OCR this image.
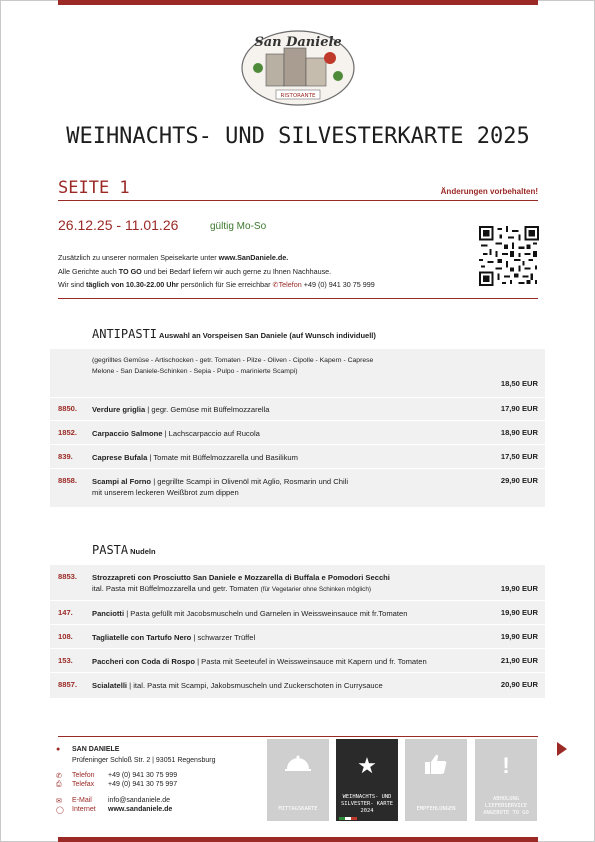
San Daniele
RISTORANTE
WEIHNACHTS- UND SILVESTERKARTE 2025
SEITE 1	Änderungen vorbehalten!
26.12.25 - 11.01.26	gültig Mo-So
Zusätzlich zu unserer normalen Speisekarte unter www.SanDaniele.de.
Alle Gerichte auch TO GO und bei Bedarf liefern wir auch gerne zu Ihnen Nachhause.
Wir sind täglich von 10.30-22.00 Uhr persönlich für Sie erreichbar ✆Telefon +49 (0) 941 30 75 999
ANTIPASTI Auswahl an Vorspeisen San Daniele (auf Wunsch individuell)
(gegrilltes Gemüse - Artischocken - getr. Tomaten - Pilze - Oliven - Cipolle - Kapern - Caprese
Melone - San Daniele-Schinken - Sepia - Pulpo - marinierte Scampi)
18,50 EUR
8850. Verdure griglia | gegr. Gemüse mit Büffelmozzarella	17,90 EUR
1852. Carpaccio Salmone | Lachscarpaccio auf Rucola	18,90 EUR
839.	Caprese Bufala | Tomate mit Büffelmozzarella und Basilikum	17,50 EUR
8858. Scampi al Forno | gegrillte Scampi in Olivenöl mit Aglio, Rosmarin und Chili
mit unserem leckeren Weißbrot zum dippen
29,90 EUR
PASTA Nudeln
8853. Strozzapreti con Prosciutto San Daniele e Mozzarella di Buffala e Pomodori Secchi
ital. Pasta mit Büffelmozzarella und getr. Tomaten (für Vegetarier ohne Schinken möglich)	19,90 EUR
147.	Panciotti | Pasta gefüllt mit Jacobsmuscheln und Garnelen in Weissweinsauce mit fr.Tomaten	19,90 EUR
108.	Tagliatelle con Tartufo Nero | schwarzer Trüffel	19,90 EUR
153.	Paccheri con Coda di Rospo | Pasta mit Seeteufel in Weissweinsauce mit Kapern und fr. Tomaten	21,90 EUR
8857. Scialatelli | ital. Pasta mit Scampi, Jakobsmuscheln und Zuckerschoten in Currysauce	20,90 EUR
● SAN DANIELE
Prüfeninger Schloß Str. 2 | 93051 Regensburg
✆ Telefon +49 (0) 941 30 75 999
⎙ Telefax +49 (0) 941 30 75 997
✉ E-Mail info@sandaniele.de
◯ Internet www.sandaniele.de	MITTAGSKARTE
★
WEIHNACHTS- UND SILVESTER- KARTE 2024	EMPFEHLUNGEN
!
ABHOLUNG LIEFERSERVICE ANGEBOTE TO GO
